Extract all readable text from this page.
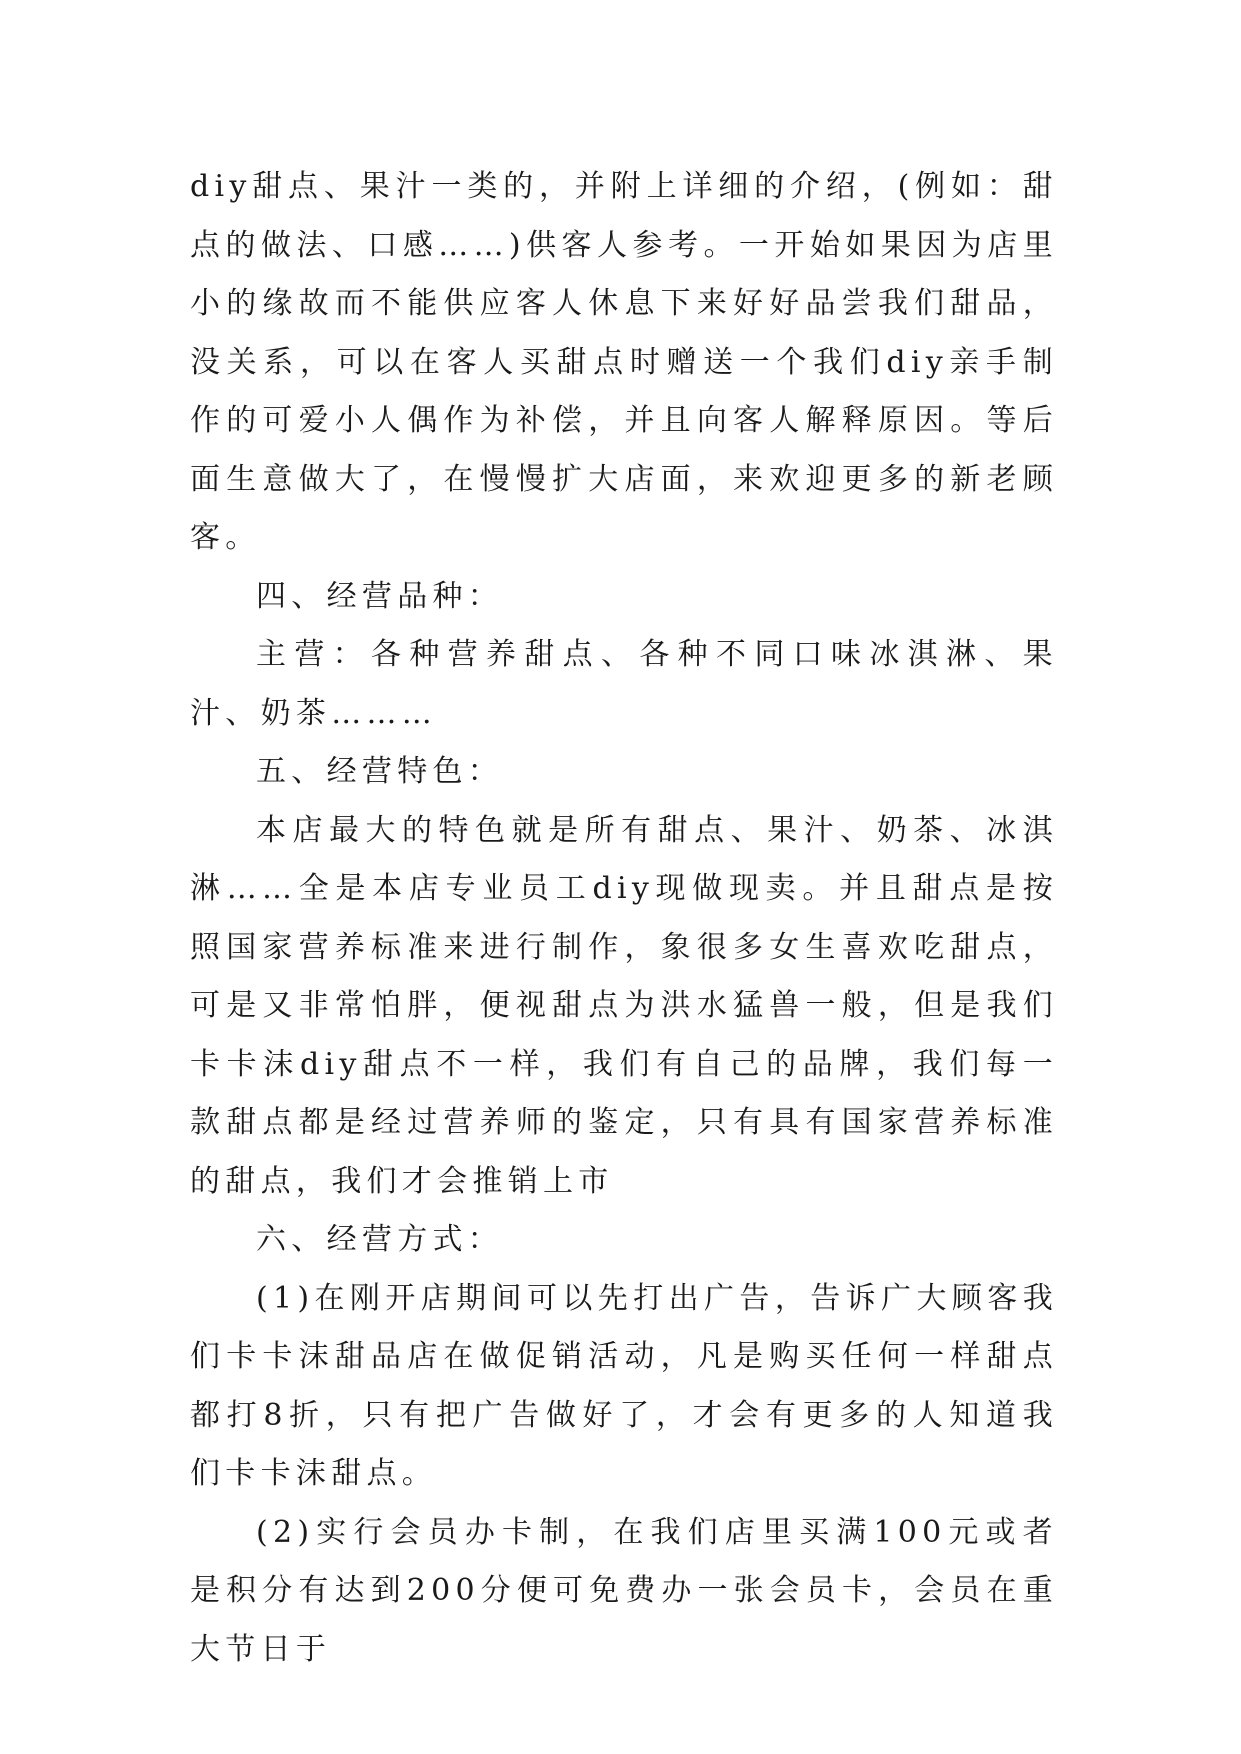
diy甜点、果汁一类的，并附上详细的介绍，(例如：甜点的做法、口感……)供客人参考。一开始如果因为店里小的缘故而不能供应客人休息下来好好品尝我们甜品，没关系，可以在客人买甜点时赠送一个我们diy亲手制作的可爱小人偶作为补偿，并且向客人解释原因。等后面生意做大了，在慢慢扩大店面，来欢迎更多的新老顾客。

四、经营品种：

主营：各种营养甜点、各种不同口味冰淇淋、果汁、奶茶………

五、经营特色：

本店最大的特色就是所有甜点、果汁、奶茶、冰淇淋……全是本店专业员工diy现做现卖。并且甜点是按照国家营养标准来进行制作，象很多女生喜欢吃甜点，可是又非常怕胖，便视甜点为洪水猛兽一般，但是我们卡卡沫diy甜点不一样，我们有自己的品牌，我们每一款甜点都是经过营养师的鉴定，只有具有国家营养标准的甜点，我们才会推销上市

六、经营方式：

(1)在刚开店期间可以先打出广告，告诉广大顾客我们卡卡沫甜品店在做促销活动，凡是购买任何一样甜点都打8折，只有把广告做好了，才会有更多的人知道我们卡卡沫甜点。

(2)实行会员办卡制，在我们店里买满100元或者是积分有达到200分便可免费办一张会员卡，会员在重大节日于
